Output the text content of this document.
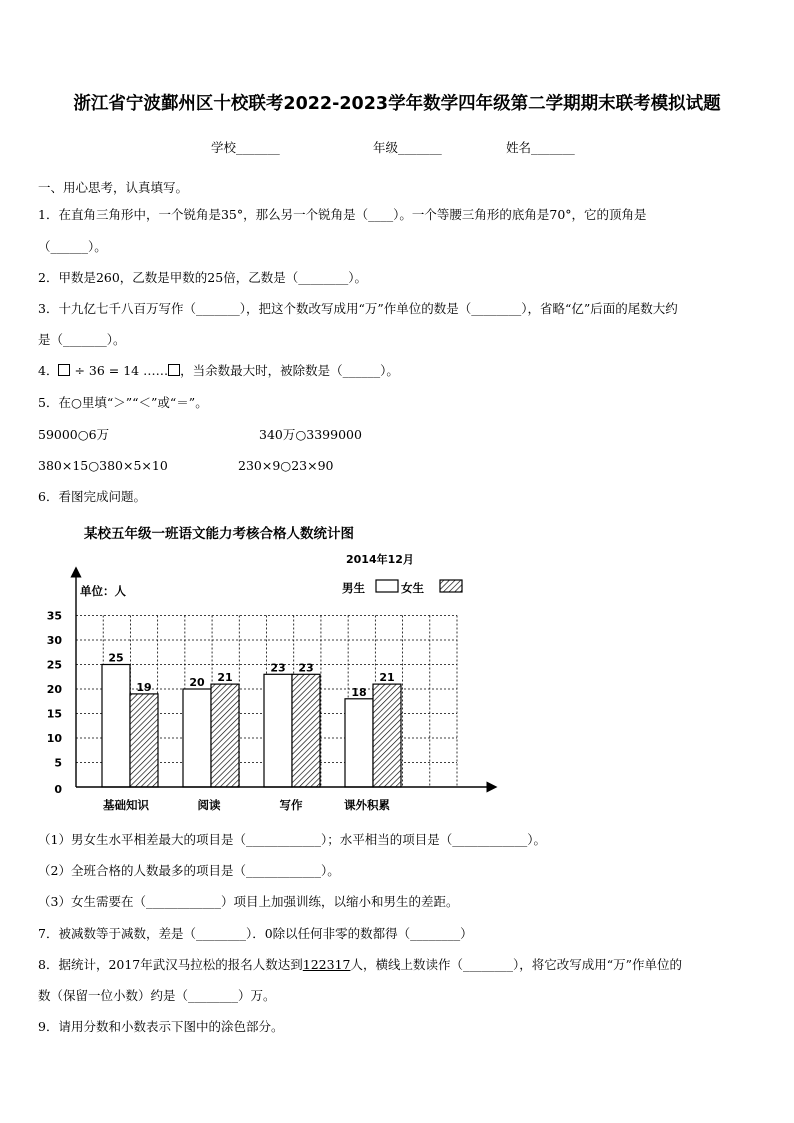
浙江省宁波鄞州区十校联考2022-2023学年数学四年级第二学期期末联考模拟试题
学校_______	年级_______	姓名_______
一、用心思考，认真填写。
1．在直角三角形中，一个锐角是35°，那么另一个锐角是（____）。一个等腰三角形的底角是70°，它的顶角是
（______）。
2．甲数是260，乙数是甲数的25倍，乙数是（________）。
3．十九亿七千八百万写作（_______），把这个数改写成用“万”作单位的数是（________），省略“亿”后面的尾数大约
是（_______）。
4． ÷ 36 = 14 …… ，当余数最大时，被除数是（______）。
5．在○里填“＞”“＜”或“＝”。
59000○6万	340万○3399000
380×15○380×5×10	230×9○23×90
6．看图完成问题。
某校五年级一班语文能力考核合格人数统计图
2014年12月
单位：人	男生	女生
0
5
10
15
20
25
30
35
25
19	20 21
23 23
18
21
基础知识	阅读	写作	课外积累
（1）男女生水平相差最大的项目是（____________）；水平相当的项目是（____________）。
（2）全班合格的人数最多的项目是（____________）。
（3）女生需要在（____________）项目上加强训练，以缩小和男生的差距。
7．被减数等于减数，差是（________）．0除以任何非零的数都得（________）
8．据统计，2017年武汉马拉松的报名人数达到122317人，横线上数读作（________），将它改写成用“万”作单位的
数（保留一位小数）约是（________）万。
9．请用分数和小数表示下图中的涂色部分。
